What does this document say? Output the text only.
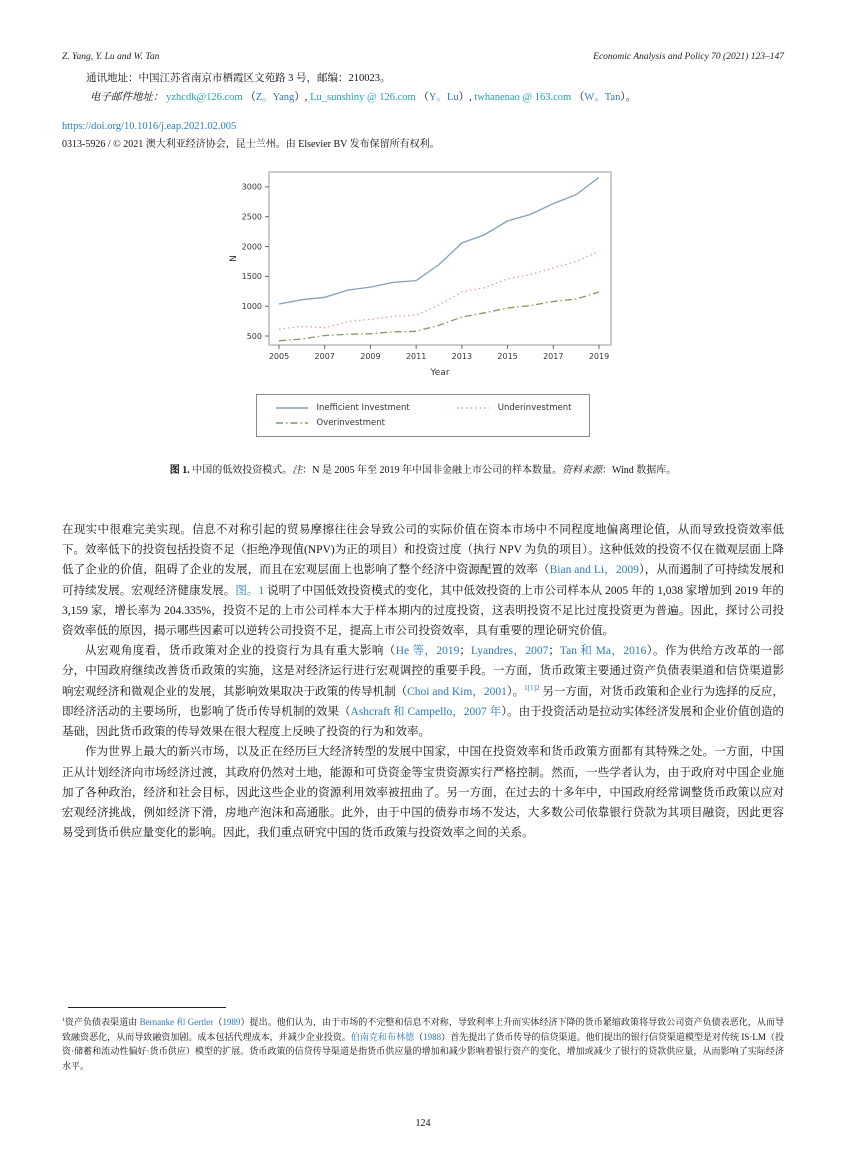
Z. Yang, Y. Lu and W. Tan	Economic Analysis and Policy 70 (2021) 123–147
通讯地址：中国江苏省南京市栖霞区文苑路 3 号，邮编：210023。
电子邮件地址： yzhcdk@126.com （Z。Yang）, Lu_sunshiny @ 126.com （Y。Lu）, twhanenao @ 163.com （W。Tan）。
https://doi.org/10.1016/j.eap.2021.02.005
0313-5926 / © 2021 澳大利亚经济协会，昆士兰州。由 Elsevier BV 发布保留所有权利。
500
1000
1500
2000
2500
3000
2005	2007	2009	2011	2013	2015	2017	2019
Year
N
Inefficient Investment	Underinvestment
Overinvestment
图 1. 中国的低效投资模式。注：N 是 2005 年至 2019 年中国非金融上市公司的样本数量。资料来源：Wind 数据库。

在现实中很难完美实现。信息不对称引起的贸易摩擦往往会导致公司的实际价值在资本市场中不同程度地偏离理论值，从而导致投资效率低下。效率低下的投资包括投资不足（拒绝净现值(NPV)为正的项目）和投资过度（执行 NPV 为负的项目）。这种低效的投资不仅在微观层面上降低了企业的价值，阻碍了企业的发展，而且在宏观层面上也影响了整个经济中资源配置的效率（Bian and Li，2009），从而遏制了可持续发展和可持续发展。宏观经济健康发展。图。1 说明了中国低效投资模式的变化，其中低效投资的上市公司样本从 2005 年的 1,038 家增加到 2019 年的 3,159 家，增长率为 204.335%，投资不足的上市公司样本大于样本期内的过度投资，这表明投资不足比过度投资更为普遍。因此，探讨公司投资效率低的原因，揭示哪些因素可以逆转公司投资不足，提高上市公司投资效率，具有重要的理论研究价值。

从宏观角度看，货币政策对企业的投资行为具有重大影响（He 等，2019；Lyandres，2007；Tan 和 Ma，2016）。作为供给方改革的一部分，中国政府继续改善货币政策的实施，这是对经济运行进行宏观调控的重要手段。一方面，货币政策主要通过资产负债表渠道和信贷渠道影响宏观经济和微观企业的发展，其影响效果取决于政策的传导机制（Choi and Kim，2001）。$^{1[1]2}$ 另一方面，对货币政策和企业行为选择的反应，即经济活动的主要场所，也影响了货币传导机制的效果（Ashcraft 和 Campello，2007 年）。由于投资活动是拉动实体经济发展和企业价值创造的基础，因此货币政策的传导效果在很大程度上反映了投资的行为和效率。

作为世界上最大的新兴市场，以及正在经历巨大经济转型的发展中国家，中国在投资效率和货币政策方面都有其特殊之处。一方面，中国正从计划经济向市场经济过渡，其政府仍然对土地，能源和可贷资金等宝贵资源实行严格控制。然而，一些学者认为，由于政府对中国企业施加了各种政治，经济和社会目标，因此这些企业的资源利用效率被扭曲了。另一方面，在过去的十多年中，中国政府经常调整货币政策以应对宏观经济挑战，例如经济下滑，房地产泡沫和高通胀。此外，由于中国的债券市场不发达，大多数公司依靠银行贷款为其项目融资，因此更容易受到货币供应量变化的影响。因此，我们重点研究中国的货币政策与投资效率之间的关系。

$^1$资产负债表渠道由 Bernanke 和 Gertler（1989）提出。他们认为，由于市场的不完整和信息不对称，导致利率上升而实体经济下降的货币紧缩政策将导致公司资产负债表恶化，从而导致融资恶化，从而导致融资加剧。成本包括代理成本，并减少企业投资。伯南克和布林德（1988）首先提出了货币传导的信贷渠道。他们提出的银行信贷渠道模型是对传统 IS·LM（投资·储蓄和流动性偏好·货币供应）模型的扩展。货币政策的信贷传导渠道是指货币供应量的增加和减少影响着银行资产的变化，增加或减少了银行的贷款供应量，从而影响了实际经济水平。
124
